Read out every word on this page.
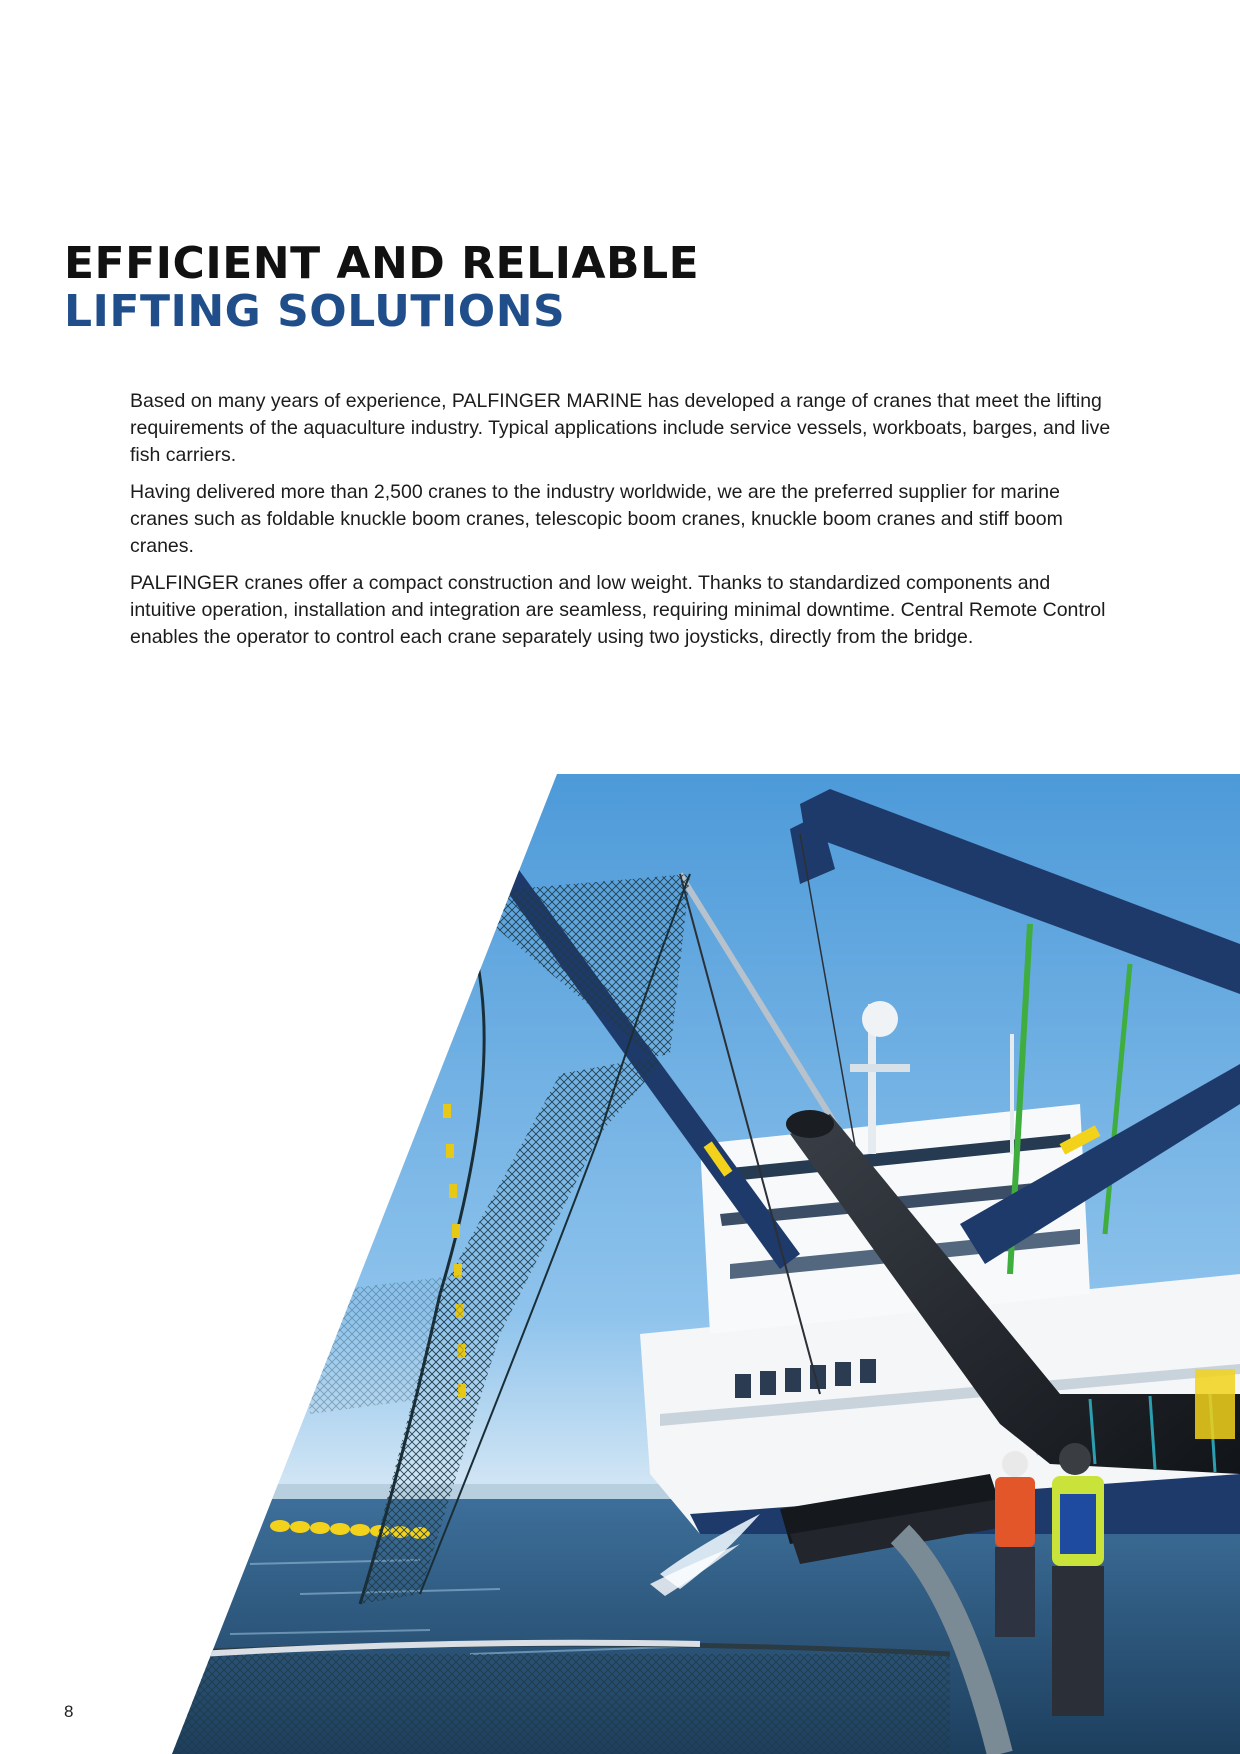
EFFICIENT AND RELIABLE
LIFTING SOLUTIONS

Based on many years of experience, PALFINGER MARINE has developed a range of cranes that meet the lifting requirements of the aquaculture industry. Typical applications include service vessels, workboats, barges, and live fish carriers.

Having delivered more than 2,500 cranes to the industry worldwide, we are the preferred supplier for marine cranes such as foldable knuckle boom cranes, telescopic boom cranes, knuckle boom cranes and stiff boom cranes.

PALFINGER cranes offer a compact construction and low weight. Thanks to standardized components and intuitive operation, installation and integration are seamless, requiring minimal downtime. Central Remote Control enables the operator to control each crane separately using two joysticks, directly from the bridge.

8
